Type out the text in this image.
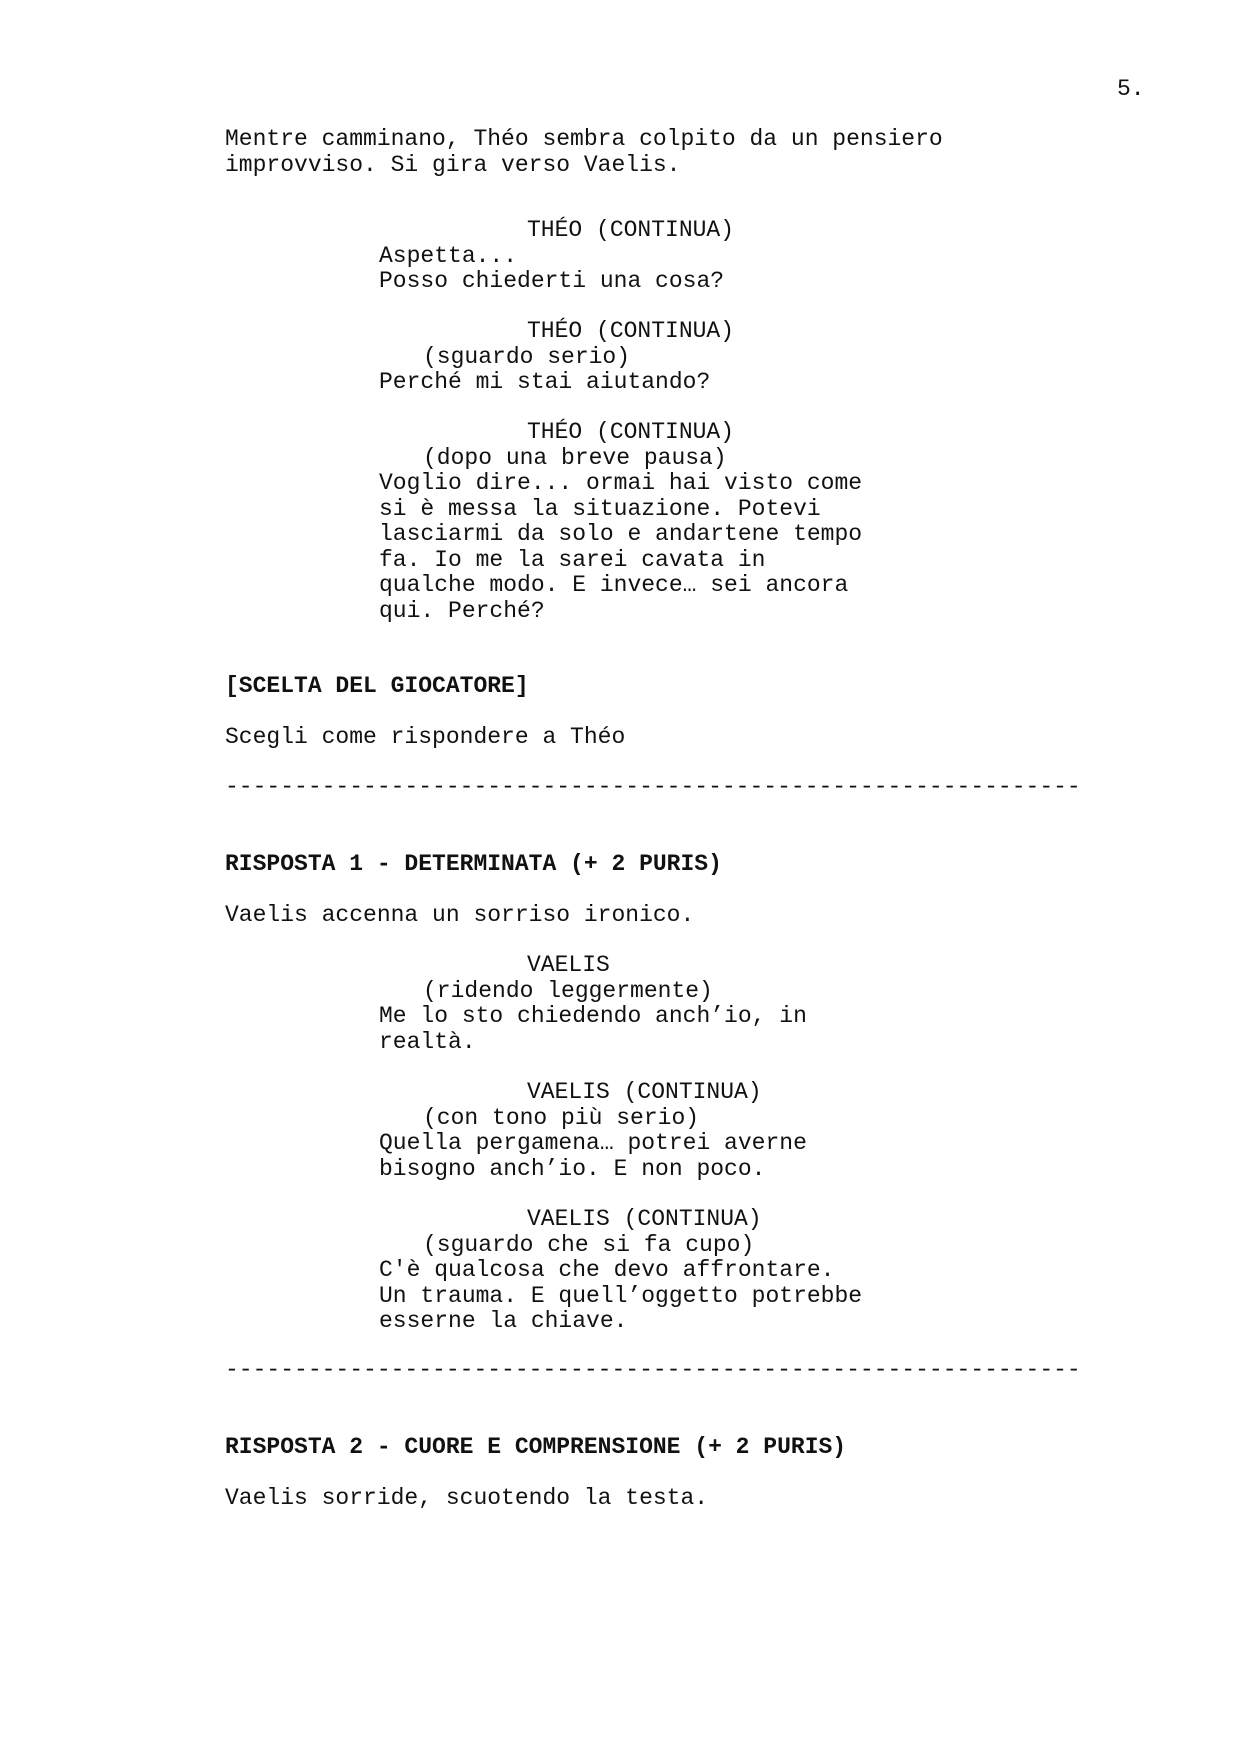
5.
Mentre camminano, Théo sembra colpito da un pensiero
improvviso. Si gira verso Vaelis.
THÉO (CONTINUA)
Aspetta...
Posso chiederti una cosa?
THÉO (CONTINUA)
(sguardo serio)
Perché mi stai aiutando?
THÉO (CONTINUA)
(dopo una breve pausa)
Voglio dire... ormai hai visto come
si è messa la situazione. Potevi
lasciarmi da solo e andartene tempo
fa. Io me la sarei cavata in
qualche modo. E invece… sei ancora
qui. Perché?
[SCELTA DEL GIOCATORE]
Scegli come rispondere a Théo
--------------------------------------------------------------
RISPOSTA 1 - DETERMINATA (+ 2 PURIS)
Vaelis accenna un sorriso ironico.
VAELIS
(ridendo leggermente)
Me lo sto chiedendo anch’io, in
realtà.
VAELIS (CONTINUA)
(con tono più serio)
Quella pergamena… potrei averne
bisogno anch’io. E non poco.
VAELIS (CONTINUA)
(sguardo che si fa cupo)
C'è qualcosa che devo affrontare.
Un trauma. E quell’oggetto potrebbe
esserne la chiave.
--------------------------------------------------------------
RISPOSTA 2 - CUORE E COMPRENSIONE (+ 2 PURIS)
Vaelis sorride, scuotendo la testa.
